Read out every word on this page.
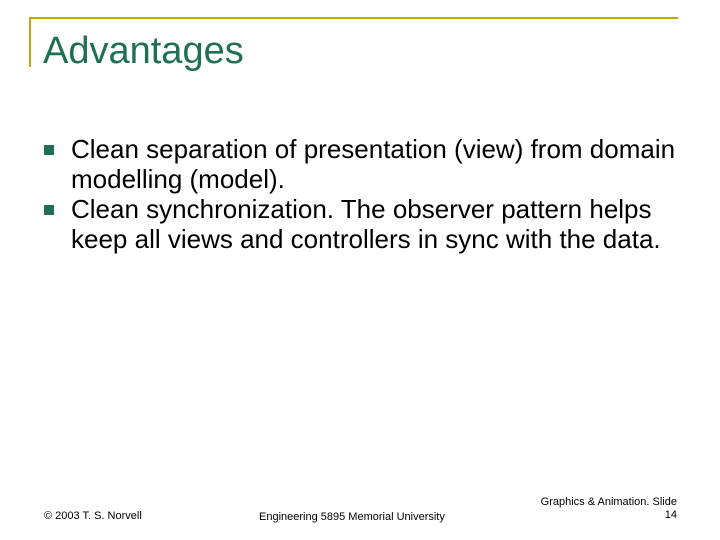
Advantages
Clean separation of presentation (view) from domain modelling (model).
Clean synchronization. The observer pattern helps keep all views and controllers in sync with the data.
© 2003 T. S. Norvell	Engineering 5895 Memorial University
Graphics & Animation. Slide
14
